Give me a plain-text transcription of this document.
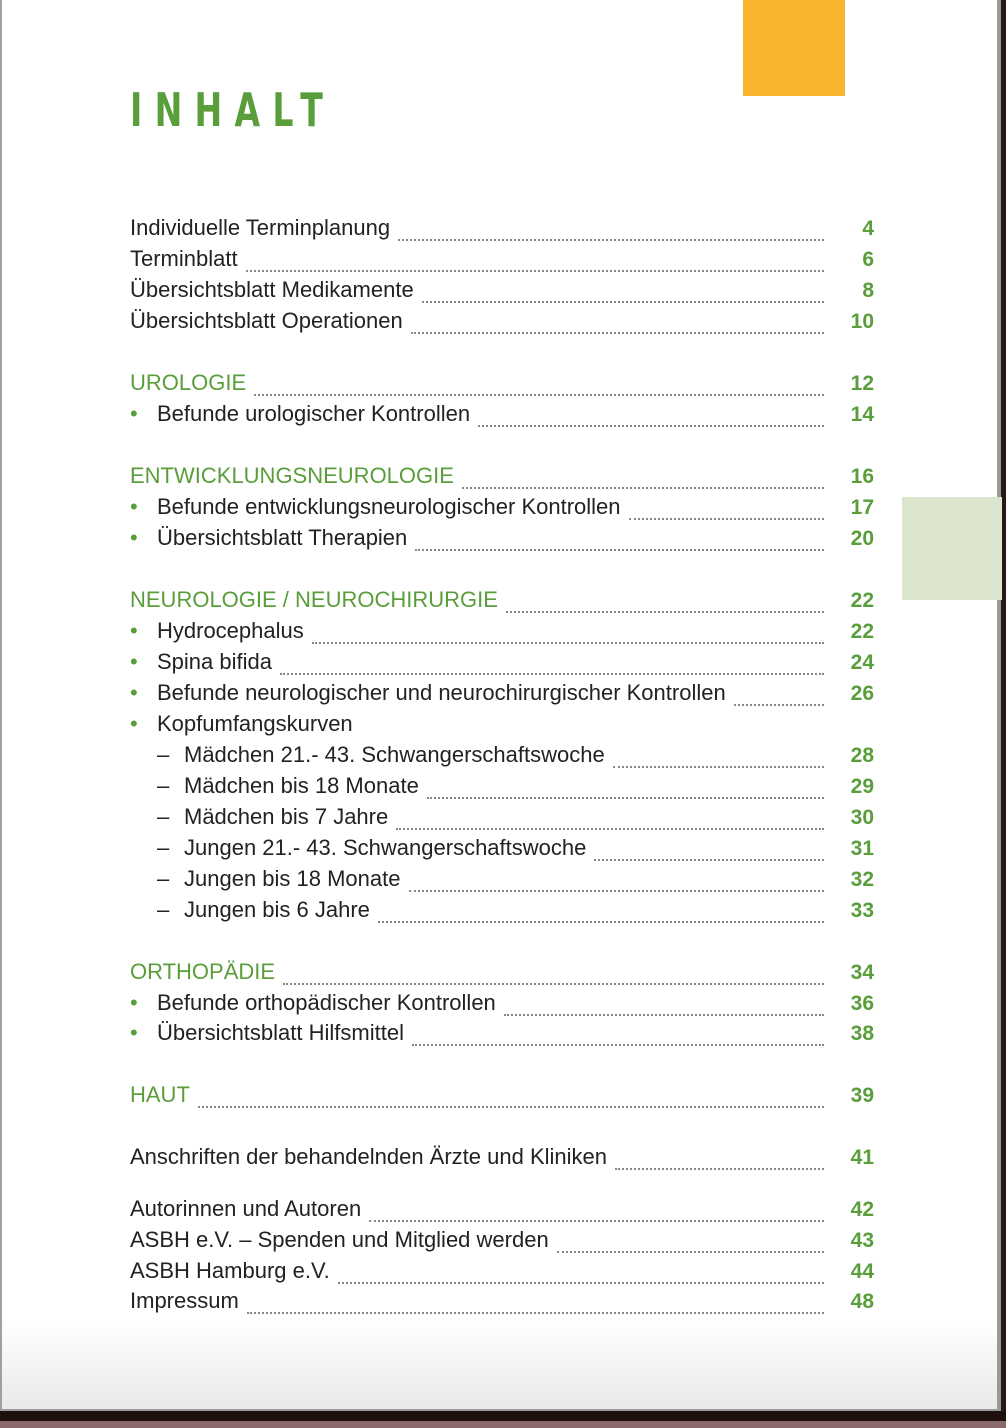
INHALT
Individuelle Terminplanung	4
Terminblatt	6
Übersichtsblatt Medikamente	8
Übersichtsblatt Operationen	10
UROLOGIE	12
• Befunde urologischer Kontrollen	14
ENTWICKLUNGSNEUROLOGIE	16
• Befunde entwicklungsneurologischer Kontrollen	17
• Übersichtsblatt Therapien	20
NEUROLOGIE / NEUROCHIRURGIE	22
• Hydrocephalus	22
• Spina bifida	24
• Befunde neurologischer und neurochirurgischer Kontrollen	26
• Kopfumfangskurven
– Mädchen 21.- 43. Schwangerschaftswoche	28
– Mädchen bis 18 Monate	29
– Mädchen bis 7 Jahre	30
– Jungen 21.- 43. Schwangerschaftswoche	31
– Jungen bis 18 Monate	32
– Jungen bis 6 Jahre	33
ORTHOPÄDIE	34
• Befunde orthopädischer Kontrollen	36
• Übersichtsblatt Hilfsmittel	38
HAUT	39
Anschriften der behandelnden Ärzte und Kliniken	41
Autorinnen und Autoren	42
ASBH e.V. – Spenden und Mitglied werden	43
ASBH Hamburg e.V.	44
Impressum	48
